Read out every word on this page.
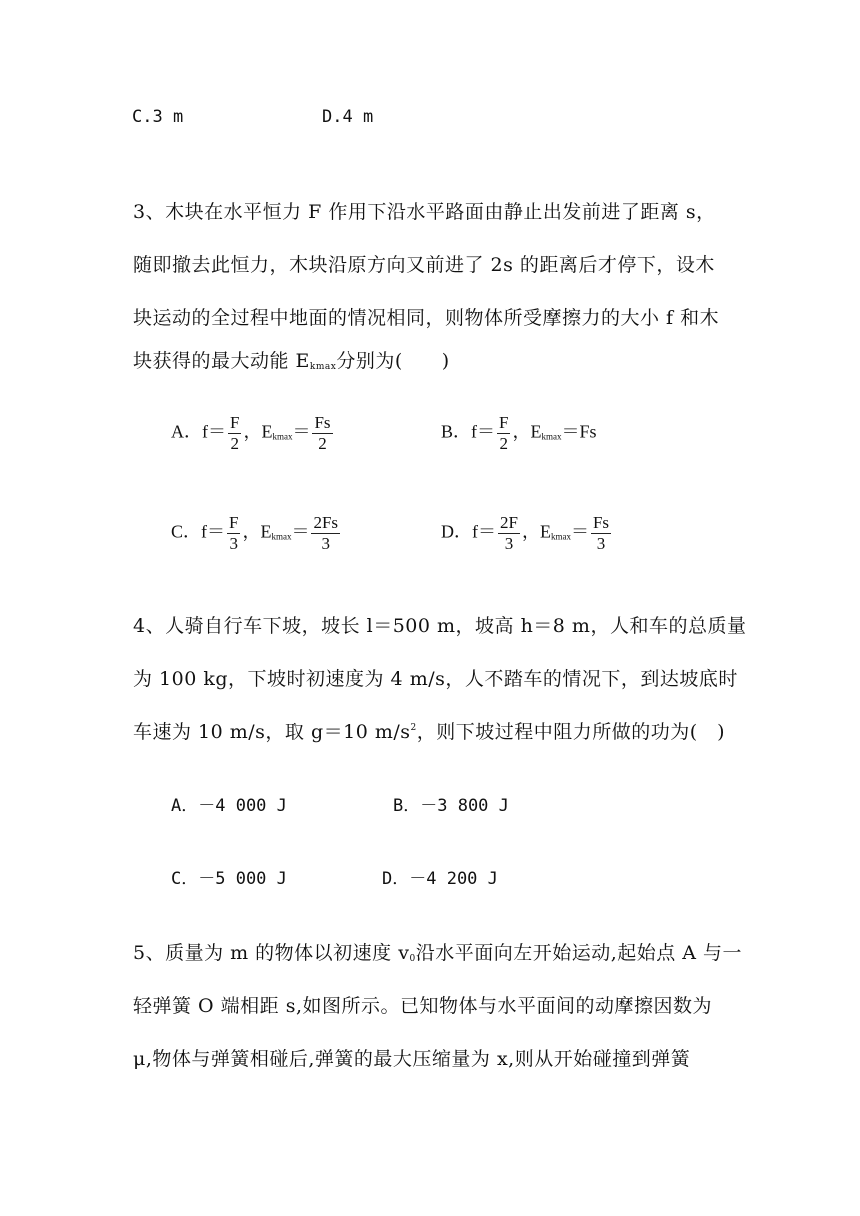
C.3 m	D.4 m
3、木块在水平恒力 F 作用下沿水平路面由静止出发前进了距离 s，
随即撤去此恒力，木块沿原方向又前进了 2s 的距离后才停下，设木
块运动的全过程中地面的情况相同，则物体所受摩擦力的大小 f 和木
块获得的最大动能 $E_{kmax}$分别为(　　)
A．$f= \frac{F}{2}$ ，$E_{kmax}= \frac{Fs}{2}$	B．$f= \frac{F}{2}$ ，$E_{kmax}=Fs$
C．$f= \frac{F}{3}$ ，$E_{kmax}= \frac{2Fs}{3}$	D．$f= \frac{2F}{3}$ ，$E_{kmax}= \frac{Fs}{3}$
4、人骑自行车下坡，坡长 l＝500 m，坡高 h＝8 m，人和车的总质量
为 100 kg，下坡时初速度为 4 m/s，人不踏车的情况下，到达坡底时
车速为 10 m/s，取 g＝10 $m/s^2$，则下坡过程中阻力所做的功为(　)
A．－4 000 J	B．－3 800 J
C．－5 000 J	D．－4 200 J
5、质量为 m 的物体以初速度 $v_0$沿水平面向左开始运动,起始点 A 与一
轻弹簧 O 端相距 s,如图所示。已知物体与水平面间的动摩擦因数为
μ,物体与弹簧相碰后,弹簧的最大压缩量为 x,则从开始碰撞到弹簧
